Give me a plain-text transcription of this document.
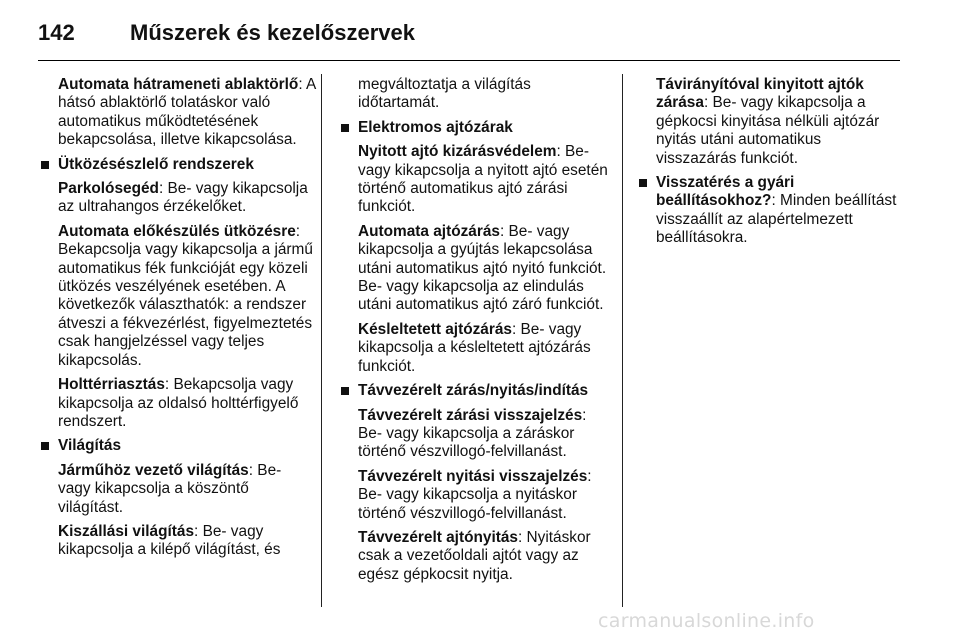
142	Műszerek és kezelőszervek

Automata hátrameneti ablaktörlő: A hátsó ablaktörlő tolatáskor való automatikus működtetésének bekapcsolása, illetve kikapcsolása.

Ütközésészlelő rendszerek

Parkolósegéd: Be- vagy kikapcsolja az ultrahangos érzékelőket.

Automata előkészülés ütközésre: Bekapcsolja vagy kikapcsolja a jármű automatikus fék funkcióját egy közeli ütközés veszélyének esetében. A következők választhatók: a rendszer átveszi a fékvezérlést, figyelmeztetés csak hangjelzéssel vagy teljes kikapcsolás.

Holttérriasztás: Bekapcsolja vagy kikapcsolja az oldalsó holttérfigyelő rendszert.

Világítás

Járműhöz vezető világítás: Be- vagy kikapcsolja a köszöntő világítást.

Kiszállási világítás: Be- vagy kikapcsolja a kilépő világítást, és

megváltoztatja a világítás időtartamát.

Elektromos ajtózárak

Nyitott ajtó kizárásvédelem: Be- vagy kikapcsolja a nyitott ajtó esetén történő automatikus ajtó zárási funkciót.

Automata ajtózárás: Be- vagy kikapcsolja a gyújtás lekapcsolása utáni automatikus ajtó nyitó funkciót. Be- vagy kikapcsolja az elindulás utáni automatikus ajtó záró funkciót.

Késleltetett ajtózárás: Be- vagy kikapcsolja a késleltetett ajtózárás funkciót.

Távvezérelt zárás/nyitás/indítás

Távvezérelt zárási visszajelzés: Be- vagy kikapcsolja a záráskor történő vészvillogó-felvillanást.

Távvezérelt nyitási visszajelzés: Be- vagy kikapcsolja a nyitáskor történő vészvillogó-felvillanást.

Távvezérelt ajtónyitás: Nyitáskor csak a vezetőoldali ajtót vagy az egész gépkocsit nyitja.

Távirányítóval kinyitott ajtók zárása: Be- vagy kikapcsolja a gépkocsi kinyitása nélküli ajtózár nyitás utáni automatikus visszazárás funkciót.

Visszatérés a gyári beállításokhoz?: Minden beállítást visszaállít az alapértelmezett beállításokra.
carmanualsonline.info
